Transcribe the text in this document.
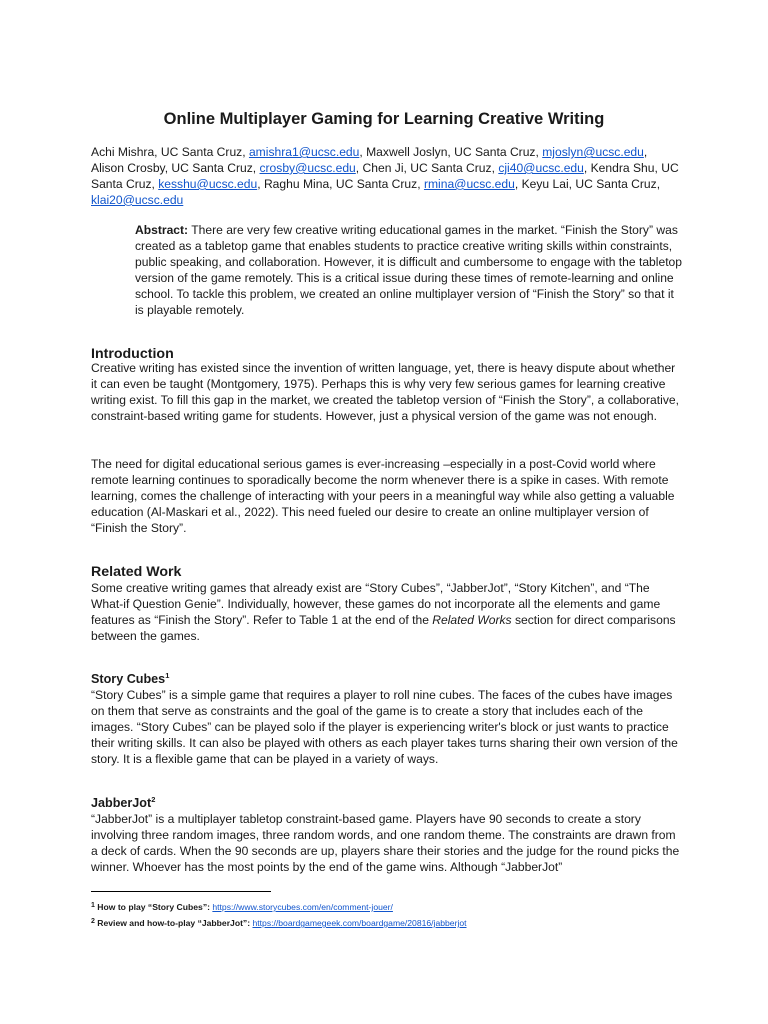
Online Multiplayer Gaming for Learning Creative Writing

Achi Mishra, UC Santa Cruz, amishra1@ucsc.edu, Maxwell Joslyn, UC Santa Cruz, mjoslyn@ucsc.edu, Alison Crosby, UC Santa Cruz, crosby@ucsc.edu, Chen Ji, UC Santa Cruz, cji40@ucsc.edu, Kendra Shu, UC Santa Cruz, kesshu@ucsc.edu, Raghu Mina, UC Santa Cruz, rmina@ucsc.edu, Keyu Lai, UC Santa Cruz, klai20@ucsc.edu

Abstract: There are very few creative writing educational games in the market. “Finish the Story” was created as a tabletop game that enables students to practice creative writing skills within constraints, public speaking, and collaboration. However, it is difficult and cumbersome to engage with the tabletop version of the game remotely. This is a critical issue during these times of remote-learning and online school. To tackle this problem, we created an online multiplayer version of “Finish the Story” so that it is playable remotely.

Introduction

Creative writing has existed since the invention of written language, yet, there is heavy dispute about whether it can even be taught (Montgomery, 1975). Perhaps this is why very few serious games for learning creative writing exist. To fill this gap in the market, we created the tabletop version of “Finish the Story”, a collaborative, constraint-based writing game for students. However, just a physical version of the game was not enough.

The need for digital educational serious games is ever-increasing –especially in a post-Covid world where remote learning continues to sporadically become the norm whenever there is a spike in cases. With remote learning, comes the challenge of interacting with your peers in a meaningful way while also getting a valuable education (Al-Maskari et al., 2022). This need fueled our desire to create an online multiplayer version of “Finish the Story”.

Related Work

Some creative writing games that already exist are “Story Cubes”, “JabberJot”, “Story Kitchen”, and “The What-if Question Genie”. Individually, however, these games do not incorporate all the elements and game features as “Finish the Story”. Refer to Table 1 at the end of the Related Works section for direct comparisons between the games.

Story Cubes$^1$

“Story Cubes” is a simple game that requires a player to roll nine cubes. The faces of the cubes have images on them that serve as constraints and the goal of the game is to create a story that includes each of the images. “Story Cubes” can be played solo if the player is experiencing writer's block or just wants to practice their writing skills. It can also be played with others as each player takes turns sharing their own version of the story. It is a flexible game that can be played in a variety of ways.

JabberJot$^2$

“JabberJot” is a multiplayer tabletop constraint-based game. Players have 90 seconds to create a story involving three random images, three random words, and one random theme. The constraints are drawn from a deck of cards. When the 90 seconds are up, players share their stories and the judge for the round picks the winner. Whoever has the most points by the end of the game wins. Although “JabberJot”

$^1$ How to play “Story Cubes”: https://www.storycubes.com/en/comment-jouer/

$^2$ Review and how-to-play “JabberJot”: https://boardgamegeek.com/boardgame/20816/jabberjot
